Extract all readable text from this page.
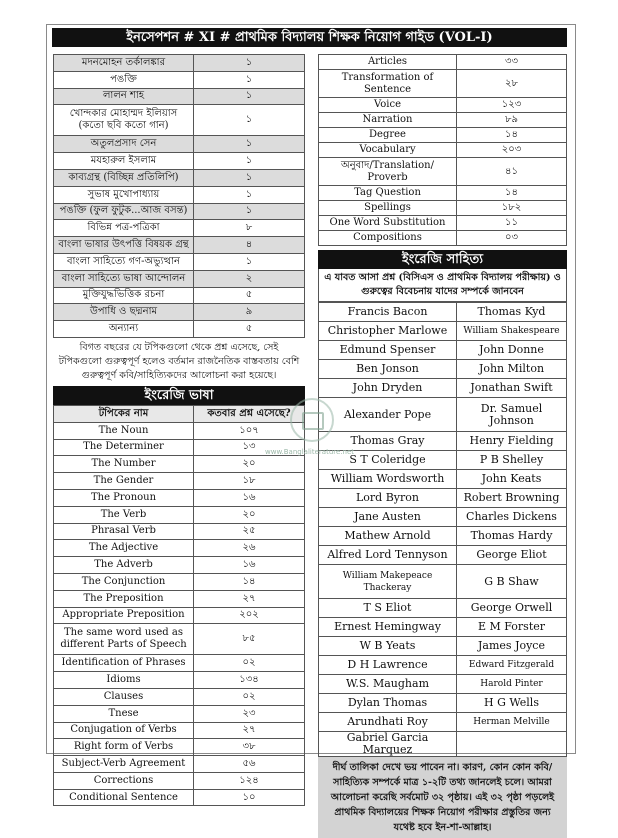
ইনসেপশন # XI # প্রাথমিক বিদ্যালয় শিক্ষক নিয়োগ গাইড (VOL-I)
মদনমোহন তর্কালঙ্কার	১
পঙক্তি	১
লালন শাহ	১
খোন্দকার মোহাম্মদ ইলিয়াস (কতো ছবি কতো গান)	১
অতুলপ্রসাদ সেন	১
মযহারুল ইসলাম	১
কাব্যগ্রন্থ (বিচ্ছিন্ন প্রতিলিপি)	১
সুভাষ মুখোপাধ্যায়	১
পঙক্তি (ফুল ফুটুক...আজ বসন্ত)	১
বিভিন্ন পত্র-পত্রিকা	৮
বাংলা ভাষার উৎপত্তি বিষয়ক গ্রন্থ	৪
বাংলা সাহিত্যে গণ-অভ্যুত্থান	১
বাংলা সাহিত্যে ভাষা আন্দোলন	২
মুক্তিযুদ্ধভিত্তিক রচনা	৫
উপাধি ও ছদ্মনাম	৯
অন্যান্য	৫
বিগত বছরের যে টপিকগুলো থেকে প্রশ্ন এসেছে, সেই টপিকগুলো গুরুত্বপূর্ণ হলেও বর্তমান রাজনৈতিক বাস্তবতায় বেশি গুরুত্বপূর্ণ কবি/সাহিত্যিকদের আলোচনা করা হয়েছে।
ইংরেজি ভাষা
টপিকের নাম	কতবার প্রশ্ন এসেছে?
The Noun	১০৭
The Determiner	১৩
The Number	২০
The Gender	১৮
The Pronoun	১৬
The Verb	২০
Phrasal Verb	২৫
The Adjective	২৬
The Adverb	১৬
The Conjunction	১৪
The Preposition	২৭
Appropriate Preposition	২০২
The same word used as different Parts of Speech	৮৫
Identification of Phrases	০২
Idioms	১৩৪
Clauses	০২
Tnese	২৩
Conjugation of Verbs	২৭
Right form of Verbs	৩৮
Subject-Verb Agreement	৫৬
Corrections	১২৪
Conditional Sentence	১০
Articles	৩৩
Transformation of Sentence	২৮
Voice	১২৩
Narration	৮৯
Degree	১৪
Vocabulary	২০৩
অনুবাদ/Translation/ Proverb	৪১
Tag Question	১৪
Spellings	১৮২
One Word Substitution	১১
Compositions	০৩
ইংরেজি সাহিত্য
এ যাবত আসা প্রশ্ন (বিসিএস ও প্রাথমিক বিদ্যালয় পরীক্ষায়) ও গুরুত্বের বিবেচনায় যাদের সম্পর্কে জানবেন
Francis Bacon	Thomas Kyd
Christopher Marlowe	William Shakespeare
Edmund Spenser	John Donne
Ben Jonson	John Milton
John Dryden	Jonathan Swift
Alexander Pope	Dr. Samuel Johnson
Thomas Gray	Henry Fielding
S T Coleridge	P B Shelley
William Wordsworth	John Keats
Lord Byron	Robert Browning
Jane Austen	Charles Dickens
Mathew Arnold	Thomas Hardy
Alfred Lord Tennyson	George Eliot
William Makepeace Thackeray	G B Shaw
T S Eliot	George Orwell
Ernest Hemingway	E M Forster
W B Yeats	James Joyce
D H Lawrence	Edward Fitzgerald
W.S. Maugham	Harold Pinter
Dylan Thomas	H G Wells
Arundhati Roy	Herman Melville
Gabriel Garcia Marquez	
দীর্ঘ তালিকা দেখে ভয় পাবেন না। কারণ, কোন কোন কবি/সাহিত্যিক সম্পর্কে মাত্র ১-২টি তথ্য জানলেই চলে। আমরা আলোচনা করেছি সর্বমোট ৩২ পৃষ্ঠায়। এই ৩২ পৃষ্ঠা পড়লেই প্রাথমিক বিদ্যালয়ের শিক্ষক নিয়োগ পরীক্ষার প্রস্তুতির জন্য যথেষ্ট হবে ইন-শা-আল্লাহ।
www.Banglaliterature.net
